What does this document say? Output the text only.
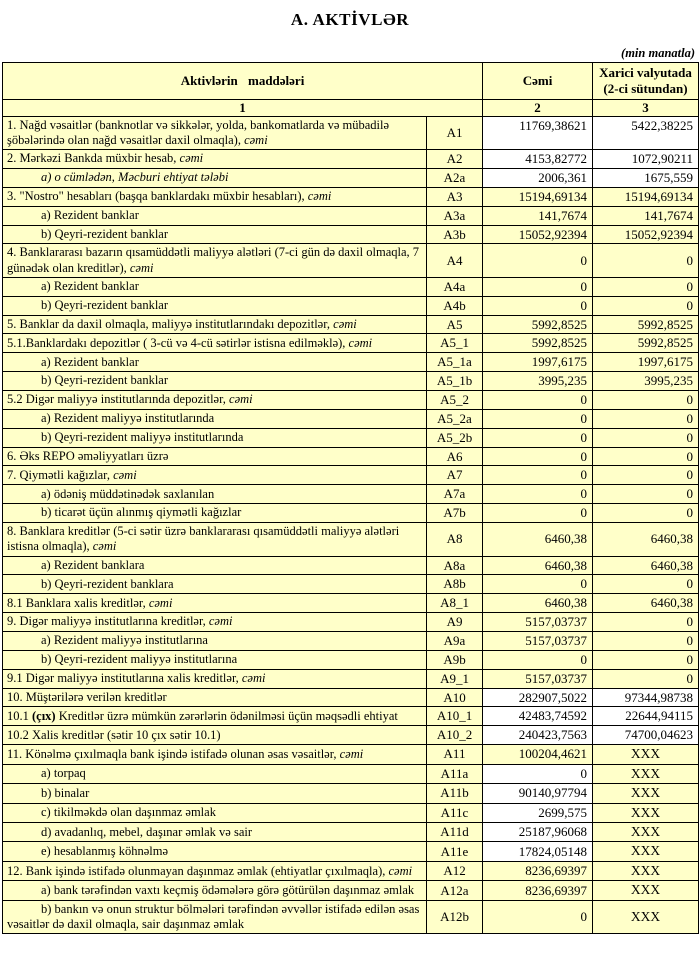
A. AKTİVLƏR
(min manatla)
Aktivlərin maddələri		Cəmi	Xarici valyutada (2-ci sütundan)
1		2	3
1. Nağd vəsaitlər (banknotlar və sikkələr, yolda, bankomatlarda və mübadilə şöbələrində olan nağd vəsaitlər daxil olmaqla), cəmi	A1	11769,38621	5422,38225
2. Mərkəzi Bankda müxbir hesab, cəmi	A2	4153,82772	1072,90211
a) o cümlədən, Məcburi ehtiyat tələbi	A2a	2006,361	1675,559
3. "Nostro" hesabları (başqa banklardakı müxbir hesabları), cəmi	A3	15194,69134	15194,69134
a) Rezident banklar	A3a	141,7674	141,7674
b) Qeyri-rezident banklar	A3b	15052,92394	15052,92394
4. Banklararası bazarın qısamüddətli maliyyə alətləri (7-ci gün də daxil olmaqla, 7 günədək olan kreditlər), cəmi	A4	0	0
a) Rezident banklar	A4a	0	0
b) Qeyri-rezident banklar	A4b	0	0
5. Banklar da daxil olmaqla, maliyyə institutlarındakı depozitlər, cəmi	A5	5992,8525	5992,8525
5.1.Banklardakı depozitlər ( 3-cü və 4-cü sətirlər istisna edilməklə), cəmi	A5_1	5992,8525	5992,8525
a) Rezident banklar	A5_1a	1997,6175	1997,6175
b) Qeyri-rezident banklar	A5_1b	3995,235	3995,235
5.2 Digər maliyyə institutlarında depozitlər, cəmi	A5_2	0	0
a) Rezident maliyyə institutlarında	A5_2a	0	0
b) Qeyri-rezident maliyyə institutlarında	A5_2b	0	0
6. Əks REPO əməliyyatları üzrə	A6	0	0
7. Qiymətli kağızlar, cəmi	A7	0	0
a) ödəniş müddətinədək saxlanılan	A7a	0	0
b) ticarət üçün alınmış qiymətli kağızlar	A7b	0	0
8. Banklara kreditlər (5-ci sətir üzrə banklararası qısamüddətli maliyyə alətləri istisna olmaqla), cəmi	A8	6460,38	6460,38
a) Rezident banklara	A8a	6460,38	6460,38
b) Qeyri-rezident banklara	A8b	0	0
8.1 Banklara xalis kreditlər, cəmi	A8_1	6460,38	6460,38
9. Digər maliyyə institutlarına kreditlər, cəmi	A9	5157,03737	0
a) Rezident maliyyə institutlarına	A9a	5157,03737	0
b) Qeyri-rezident maliyyə institutlarına	A9b	0	0
9.1 Digər maliyyə institutlarına xalis kreditlər, cəmi	A9_1	5157,03737	0
10. Müştərilərə verilən kreditlər	A10	282907,5022	97344,98738
10.1 (çıx) Kreditlər üzrə mümkün zərərlərin ödənilməsi üçün məqsədli ehtiyat	A10_1	42483,74592	22644,94115
10.2 Xalis kreditlər (sətir 10 çıx sətir 10.1)	A10_2	240423,7563	74700,04623
11. Könəlmə çıxılmaqla bank işində istifadə olunan əsas vəsaitlər, cəmi	A11	100204,4621	XXX
a) torpaq	A11a	0	XXX
b) binalar	A11b	90140,97794	XXX
c) tikilməkdə olan daşınmaz əmlak	A11c	2699,575	XXX
d) avadanlıq, mebel, daşınar əmlak və sair	A11d	25187,96068	XXX
e) hesablanmış köhnəlmə	A11e	17824,05148	XXX
12. Bank işində istifadə olunmayan daşınmaz əmlak (ehtiyatlar çıxılmaqla), cəmi	A12	8236,69397	XXX
a) bank tərəfindən vaxtı keçmiş ödəmələrə görə götürülən daşınmaz əmlak	A12a	8236,69397	XXX
b) bankın və onun struktur bölmələri tərəfindən əvvəllər istifadə edilən əsas vəsaitlər də daxil olmaqla, sair daşınmaz əmlak	A12b	0	XXX
